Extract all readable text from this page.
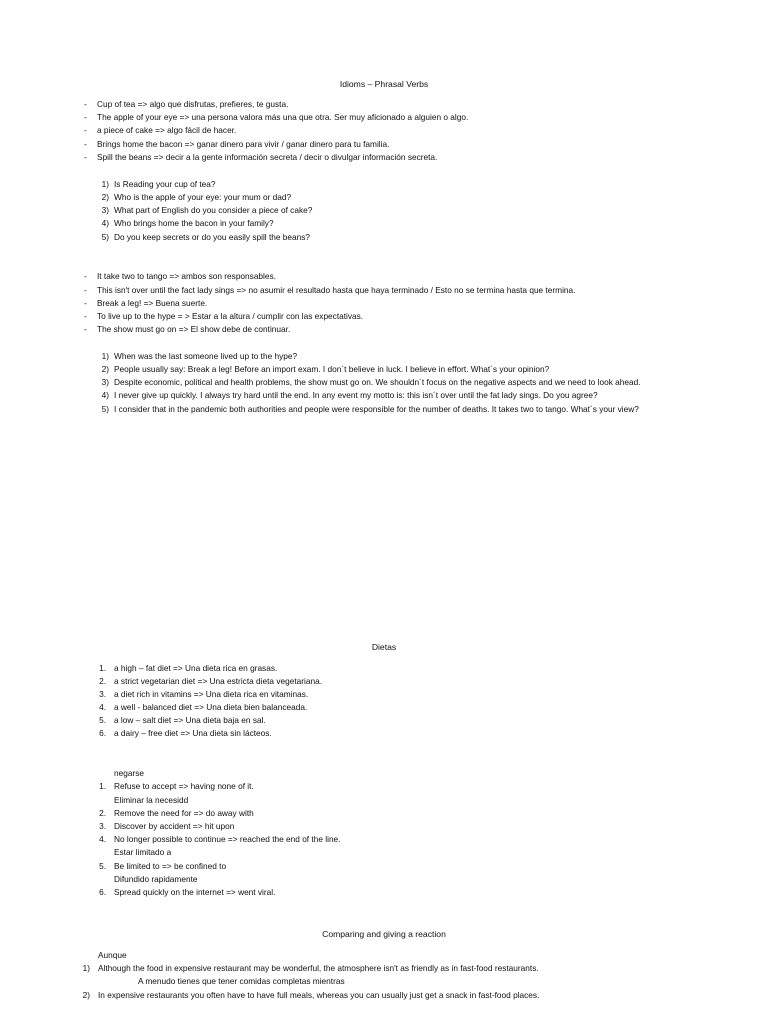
Idioms – Phrasal Verbs
- Cup of tea => algo que disfrutas, prefieres, te gusta.
- The apple of your eye => una persona valora más una que otra. Ser muy aficionado a alguien o algo.
- a piece of cake => algo fácil de hacer.
- Brings home the bacon => ganar dinero para vivir / ganar dinero para tu familia.
- Spill the beans => decir a la gente información secreta / decir o divulgar información secreta.
1) Is Reading your cup of tea?
2) Who is the apple of your eye: your mum or dad?
3) What part of English do you consider a piece of cake?
4) Who brings home the bacon in your family?
5) Do you keep secrets or do you easily spill the beans?
- It take two to tango => ambos son responsables.
- This isn't over until the fact lady sings => no asumir el resultado hasta que haya terminado / Esto no se termina hasta que termina.
- Break a leg! => Buena suerte.
- To live up to the hype = > Estar a la altura / cumplir con las expectativas.
- The show must go on => El show debe de continuar.
1) When was the last someone lived up to the hype?
2) People usually say: Break a leg! Before an import exam. I don´t believe in luck. I believe in effort. What´s your opinion?
3) Despite economic, political and health problems, the show must go on. We shouldn´t focus on the negative aspects and we need to look ahead.
4) I never give up quickly. I always try hard until the end. In any event my motto is: this isn´t over until the fat lady sings. Do you agree?
5) I consider that in the pandemic both authorities and people were responsible for the number of deaths. It takes two to tango. What´s your view?
Dietas
1. a high – fat diet => Una dieta rica en grasas.
2. a strict vegetarian diet => Una estricta dieta vegetariana.
3. a diet rich in vitamins => Una dieta rica en vitaminas.
4. a well - balanced diet => Una dieta bien balanceada.
5. a low – salt diet => Una dieta baja en sal.
6. a dairy – free diet => Una dieta sin lácteos.
negarse
1. Refuse to accept => having none of it.
Eliminar la necesidd
2. Remove the need for => do away with
3. Discover by accident => hit upon
4. No longer possible to continue => reached the end of the line.
Estar limitado a
5. Be limited to => be confined to
Difundido rapidamente
6. Spread quickly on the internet => went viral.
Comparing and giving a reaction
Aunque
1) Although the food in expensive restaurant may be wonderful, the atmosphere isn't as friendly as in fast-food restaurants.
A menudo tienes que tener comidas completas mientras
2) In expensive restaurants you often have to have full meals, whereas you can usually just get a snack in fast-food places.
